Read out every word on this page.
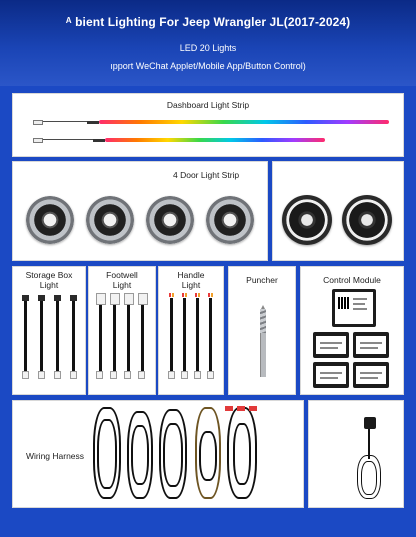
ᴬ bient Lighting For Jeep Wrangler JL(2017-2024)
LED 20 Lights
ıpport WeChat Applet/Mobile App/Button Control)
Dashboard Light Strip
4 Door Light Strip
Storage Box Light
Footwell Light
Handle Light	Puncher	Control Module
Wiring Harness
